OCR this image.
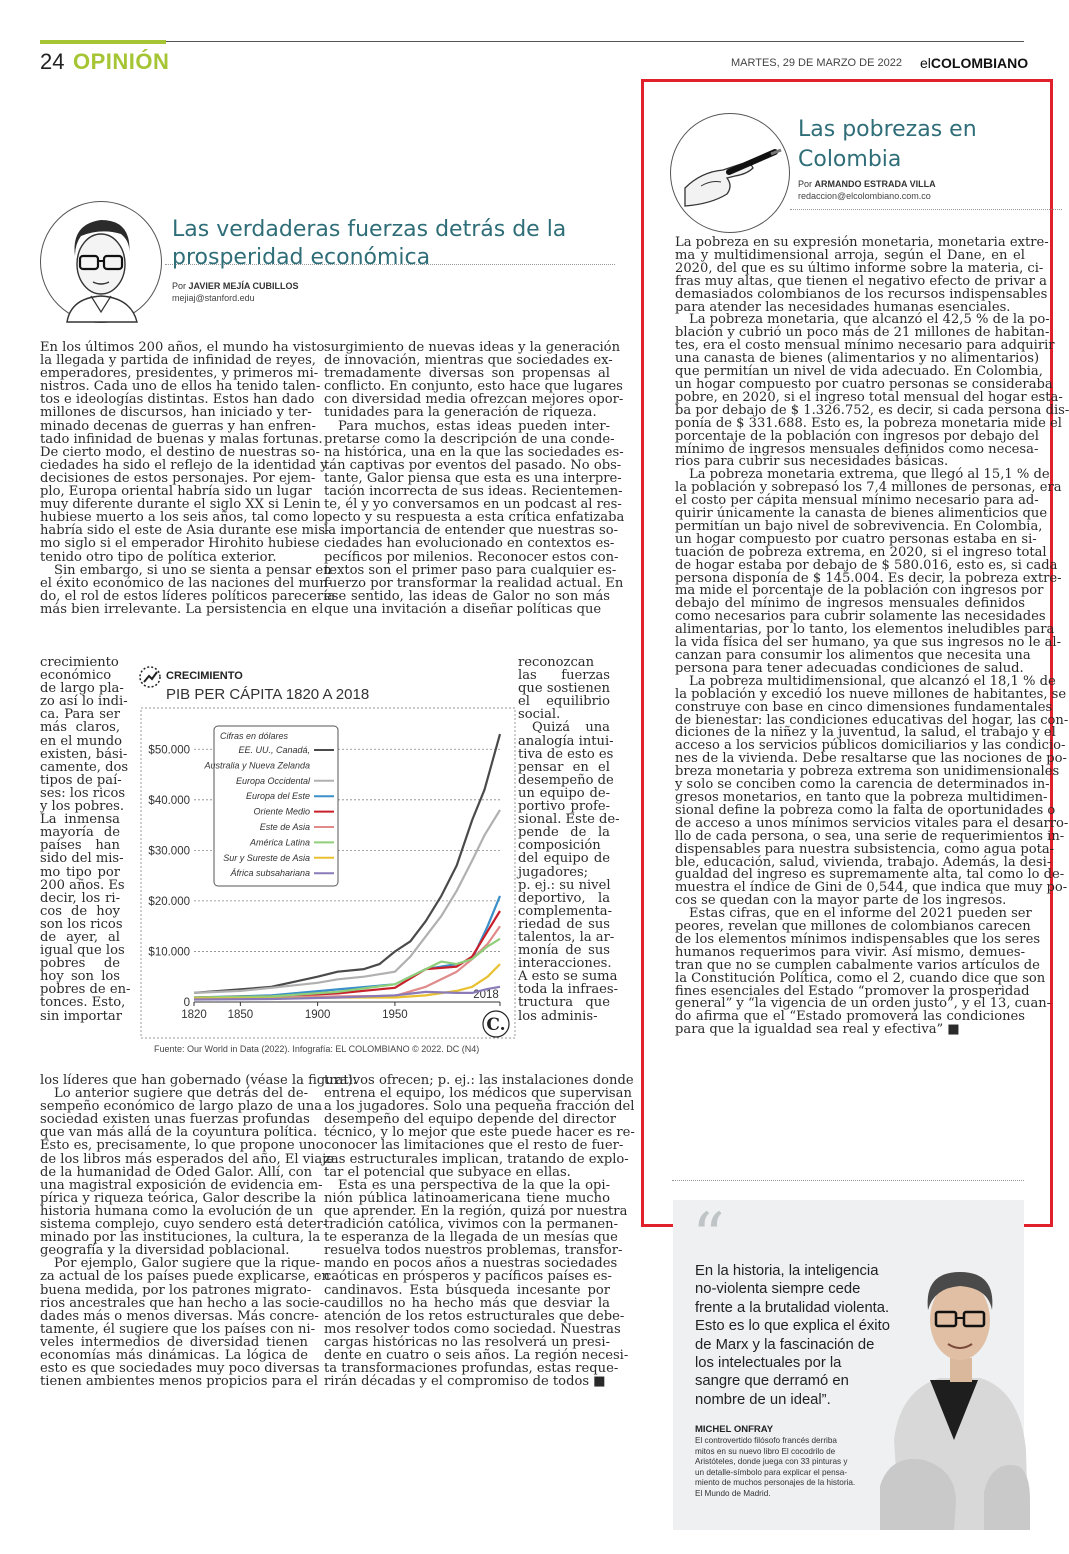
24 OPINIÓN	MARTES, 29 DE MARZO DE 2022 elCOLOMBIANO
Las verdaderas fuerzas detrás de la
prosperidad económica
Por JAVIER MEJÍA CUBILLOS
mejiaj@stanford.edu
En los últimos 200 años, el mundo ha visto
la llegada y partida de infinidad de reyes,
emperadores, presidentes, y primeros mi-
nistros. Cada uno de ellos ha tenido talen-
tos e ideologías distintas. Estos han dado
millones de discursos, han iniciado y ter-
minado decenas de guerras y han enfren-
tado infinidad de buenas y malas fortunas.
De cierto modo, el destino de nuestras so-
ciedades ha sido el reflejo de la identidad y
decisiones de estos personajes. Por ejem-
plo, Europa oriental habría sido un lugar
muy diferente durante el siglo XX si Lenin
hubiese muerto a los seis años, tal como lo
habría sido el este de Asia durante ese mis-
mo siglo si el emperador Hirohito hubiese
tenido otro tipo de política exterior.
Sin embargo, si uno se sienta a pensar en
el éxito económico de las naciones del mun-
do, el rol de estos líderes políticos parecería
más bien irrelevante. La persistencia en el
crecimiento
económico
de largo pla-
zo así lo indi-
ca. Para ser
más claros,
en el mundo
existen, bási-
camente, dos
tipos de paí-
ses: los ricos
y los pobres.
La inmensa
mayoría de
países han
sido del mis-
mo tipo por
200 años. Es
decir, los ri-
cos de hoy
son los ricos
de ayer, al
igual que los
pobres de
hoy son los
pobres de en-
tonces. Esto,
sin importar
los líderes que han gobernado (véase la figura).
Lo anterior sugiere que detrás del de-
sempeño económico de largo plazo de una
sociedad existen unas fuerzas profundas
que van más allá de la coyuntura política.
Esto es, precisamente, lo que propone uno
de los libros más esperados del año, El viaje
de la humanidad de Oded Galor. Allí, con
una magistral exposición de evidencia em-
pírica y riqueza teórica, Galor describe la
historia humana como la evolución de un
sistema complejo, cuyo sendero está deter-
minado por las instituciones, la cultura, la
geografía y la diversidad poblacional.
Por ejemplo, Galor sugiere que la rique-
za actual de los países puede explicarse, en
buena medida, por los patrones migrato-
rios ancestrales que han hecho a las socie-
dades más o menos diversas. Más concre-
tamente, él sugiere que los países con ni-
veles intermedios de diversidad tienen
economías más dinámicas. La lógica de
esto es que sociedades muy poco diversas
tienen ambientes menos propicios para el
surgimiento de nuevas ideas y la generación
de innovación, mientras que sociedades ex-
tremadamente diversas son propensas al
conflicto. En conjunto, esto hace que lugares
con diversidad media ofrezcan mejores opor-
tunidades para la generación de riqueza.
Para muchos, estas ideas pueden inter-
pretarse como la descripción de una conde-
na histórica, una en la que las sociedades es-
tán captivas por eventos del pasado. No obs-
tante, Galor piensa que esta es una interpre-
tación incorrecta de sus ideas. Recientemen-
te, él y yo conversamos en un podcast al res-
pecto y su respuesta a esta crítica enfatizaba
la importancia de entender que nuestras so-
ciedades han evolucionado en contextos es-
pecíficos por milenios. Reconocer estos con-
textos son el primer paso para cualquier es-
fuerzo por transformar la realidad actual. En
ese sentido, las ideas de Galor no son más
que una invitación a diseñar políticas que
reconozcan
las fuerzas
que sostienen
el equilibrio
social.
Quizá una
analogía intui-
tiva de esto es
pensar en el
desempeño de
un equipo de-
portivo profe-
sional. Este de-
pende de la
composición
del equipo de
jugadores;
p. ej.: su nivel
deportivo, la
complementa-
riedad de sus
talentos, la ar-
monía de sus
interacciones.
A esto se suma
toda la infraes-
tructura que
los adminis-
trativos ofrecen; p. ej.: las instalaciones donde
entrena el equipo, los médicos que supervisan
a los jugadores. Solo una pequeña fracción del
desempeño del equipo depende del director
técnico, y lo mejor que este puede hacer es re-
conocer las limitaciones que el resto de fuer-
zas estructurales implican, tratando de explo-
tar el potencial que subyace en ellas.
Esta es una perspectiva de la que la opi-
nión pública latinoamericana tiene mucho
que aprender. En la región, quizá por nuestra
tradición católica, vivimos con la permanen-
te esperanza de la llegada de un mesías que
resuelva todos nuestros problemas, transfor-
mando en pocos años a nuestras sociedades
caóticas en prósperos y pacíficos países es-
candinavos. Esta búsqueda incesante por
caudillos no ha hecho más que desviar la
atención de los retos estructurales que debe-
mos resolver todos como sociedad. Nuestras
cargas históricas no las resolverá un presi-
dente en cuatro o seis años. La región necesi-
ta transformaciones profundas, estas reque-
rirán décadas y el compromiso de todos ■
CRECIMIENTO
PIB PER CÁPITA 1820 A 2018
$50.000
$40.000
$30.000
$20.000
$10.000
0
1820 1850	1900	1950
2018
Cifras en dólares
EE. UU., Canadá,
Australia y Nueva Zelanda
Europa Occidental
Europa del Este
Oriente Medio
Este de Asia
América Latina
Sur y Sureste de Asia
África subsahariana
C.
Fuente: Our World in Data (2022). Infografía: EL COLOMBIANO © 2022. DC (N4)
Las pobrezas en
Colombia
Por ARMANDO ESTRADA VILLA
redaccion@elcolombiano.com.co
La pobreza en su expresión monetaria, monetaria extre-
ma y multidimensional arroja, según el Dane, en el
2020, del que es su último informe sobre la materia, ci-
fras muy altas, que tienen el negativo efecto de privar a
demasiados colombianos de los recursos indispensables
para atender las necesidades humanas esenciales.
La pobreza monetaria, que alcanzó el 42,5 % de la po-
blación y cubrió un poco más de 21 millones de habitan-
tes, era el costo mensual mínimo necesario para adquirir
una canasta de bienes (alimentarios y no alimentarios)
que permitían un nivel de vida adecuado. En Colombia,
un hogar compuesto por cuatro personas se consideraba
pobre, en 2020, si el ingreso total mensual del hogar esta-
ba por debajo de $ 1.326.752, es decir, si cada persona dis-
ponía de $ 331.688. Esto es, la pobreza monetaria mide el
porcentaje de la población con ingresos por debajo del
mínimo de ingresos mensuales definidos como necesa-
rios para cubrir sus necesidades básicas.
La pobreza monetaria extrema, que llegó al 15,1 % de
la población y sobrepasó los 7,4 millones de personas, era
el costo per cápita mensual mínimo necesario para ad-
quirir únicamente la canasta de bienes alimenticios que
permitían un bajo nivel de sobrevivencia. En Colombia,
un hogar compuesto por cuatro personas estaba en si-
tuación de pobreza extrema, en 2020, si el ingreso total
de hogar estaba por debajo de $ 580.016, esto es, si cada
persona disponía de $ 145.004. Es decir, la pobreza extre-
ma mide el porcentaje de la población con ingresos por
debajo del mínimo de ingresos mensuales definidos
como necesarios para cubrir solamente las necesidades
alimentarias, por lo tanto, los elementos ineludibles para
la vida física del ser humano, ya que sus ingresos no le al-
canzan para consumir los alimentos que necesita una
persona para tener adecuadas condiciones de salud.
La pobreza multidimensional, que alcanzó el 18,1 % de
la población y excedió los nueve millones de habitantes, se
construye con base en cinco dimensiones fundamentales
de bienestar: las condiciones educativas del hogar, las con-
diciones de la niñez y la juventud, la salud, el trabajo y el
acceso a los servicios públicos domiciliarios y las condicio-
nes de la vivienda. Debe resaltarse que las nociones de po-
breza monetaria y pobreza extrema son unidimensionales
y solo se conciben como la carencia de determinados in-
gresos monetarios, en tanto que la pobreza multidimen-
sional define la pobreza como la falta de oportunidades o
de acceso a unos mínimos servicios vitales para el desarro-
llo de cada persona, o sea, una serie de requerimientos in-
dispensables para nuestra subsistencia, como agua pota-
ble, educación, salud, vivienda, trabajo. Además, la desi-
gualdad del ingreso es supremamente alta, tal como lo de-
muestra el índice de Gini de 0,544, que indica que muy po-
cos se quedan con la mayor parte de los ingresos.
Estas cifras, que en el informe del 2021 pueden ser
peores, revelan que millones de colombianos carecen
de los elementos mínimos indispensables que los seres
humanos requerimos para vivir. Así mismo, demues-
tran que no se cumplen cabalmente varios artículos de
la Constitución Política, como el 2, cuando dice que son
fines esenciales del Estado “promover la prosperidad
general” y “la vigencia de un orden justo”, y el 13, cuan-
do afirma que el “Estado promoverá las condiciones
para que la igualdad sea real y efectiva” ■
“
En la historia, la inteligencia
no-violenta siempre cede
frente a la brutalidad violenta.
Esto es lo que explica el éxito
de Marx y la fascinación de
los intelectuales por la
sangre que derramó en
nombre de un ideal”.
MICHEL ONFRAY
El controvertido filósofo francés derriba
mitos en su nuevo libro El cocodrilo de
Aristóteles, donde juega con 33 pinturas y
un detalle-símbolo para explicar el pensa-
miento de muchos personajes de la historia.
El Mundo de Madrid.
